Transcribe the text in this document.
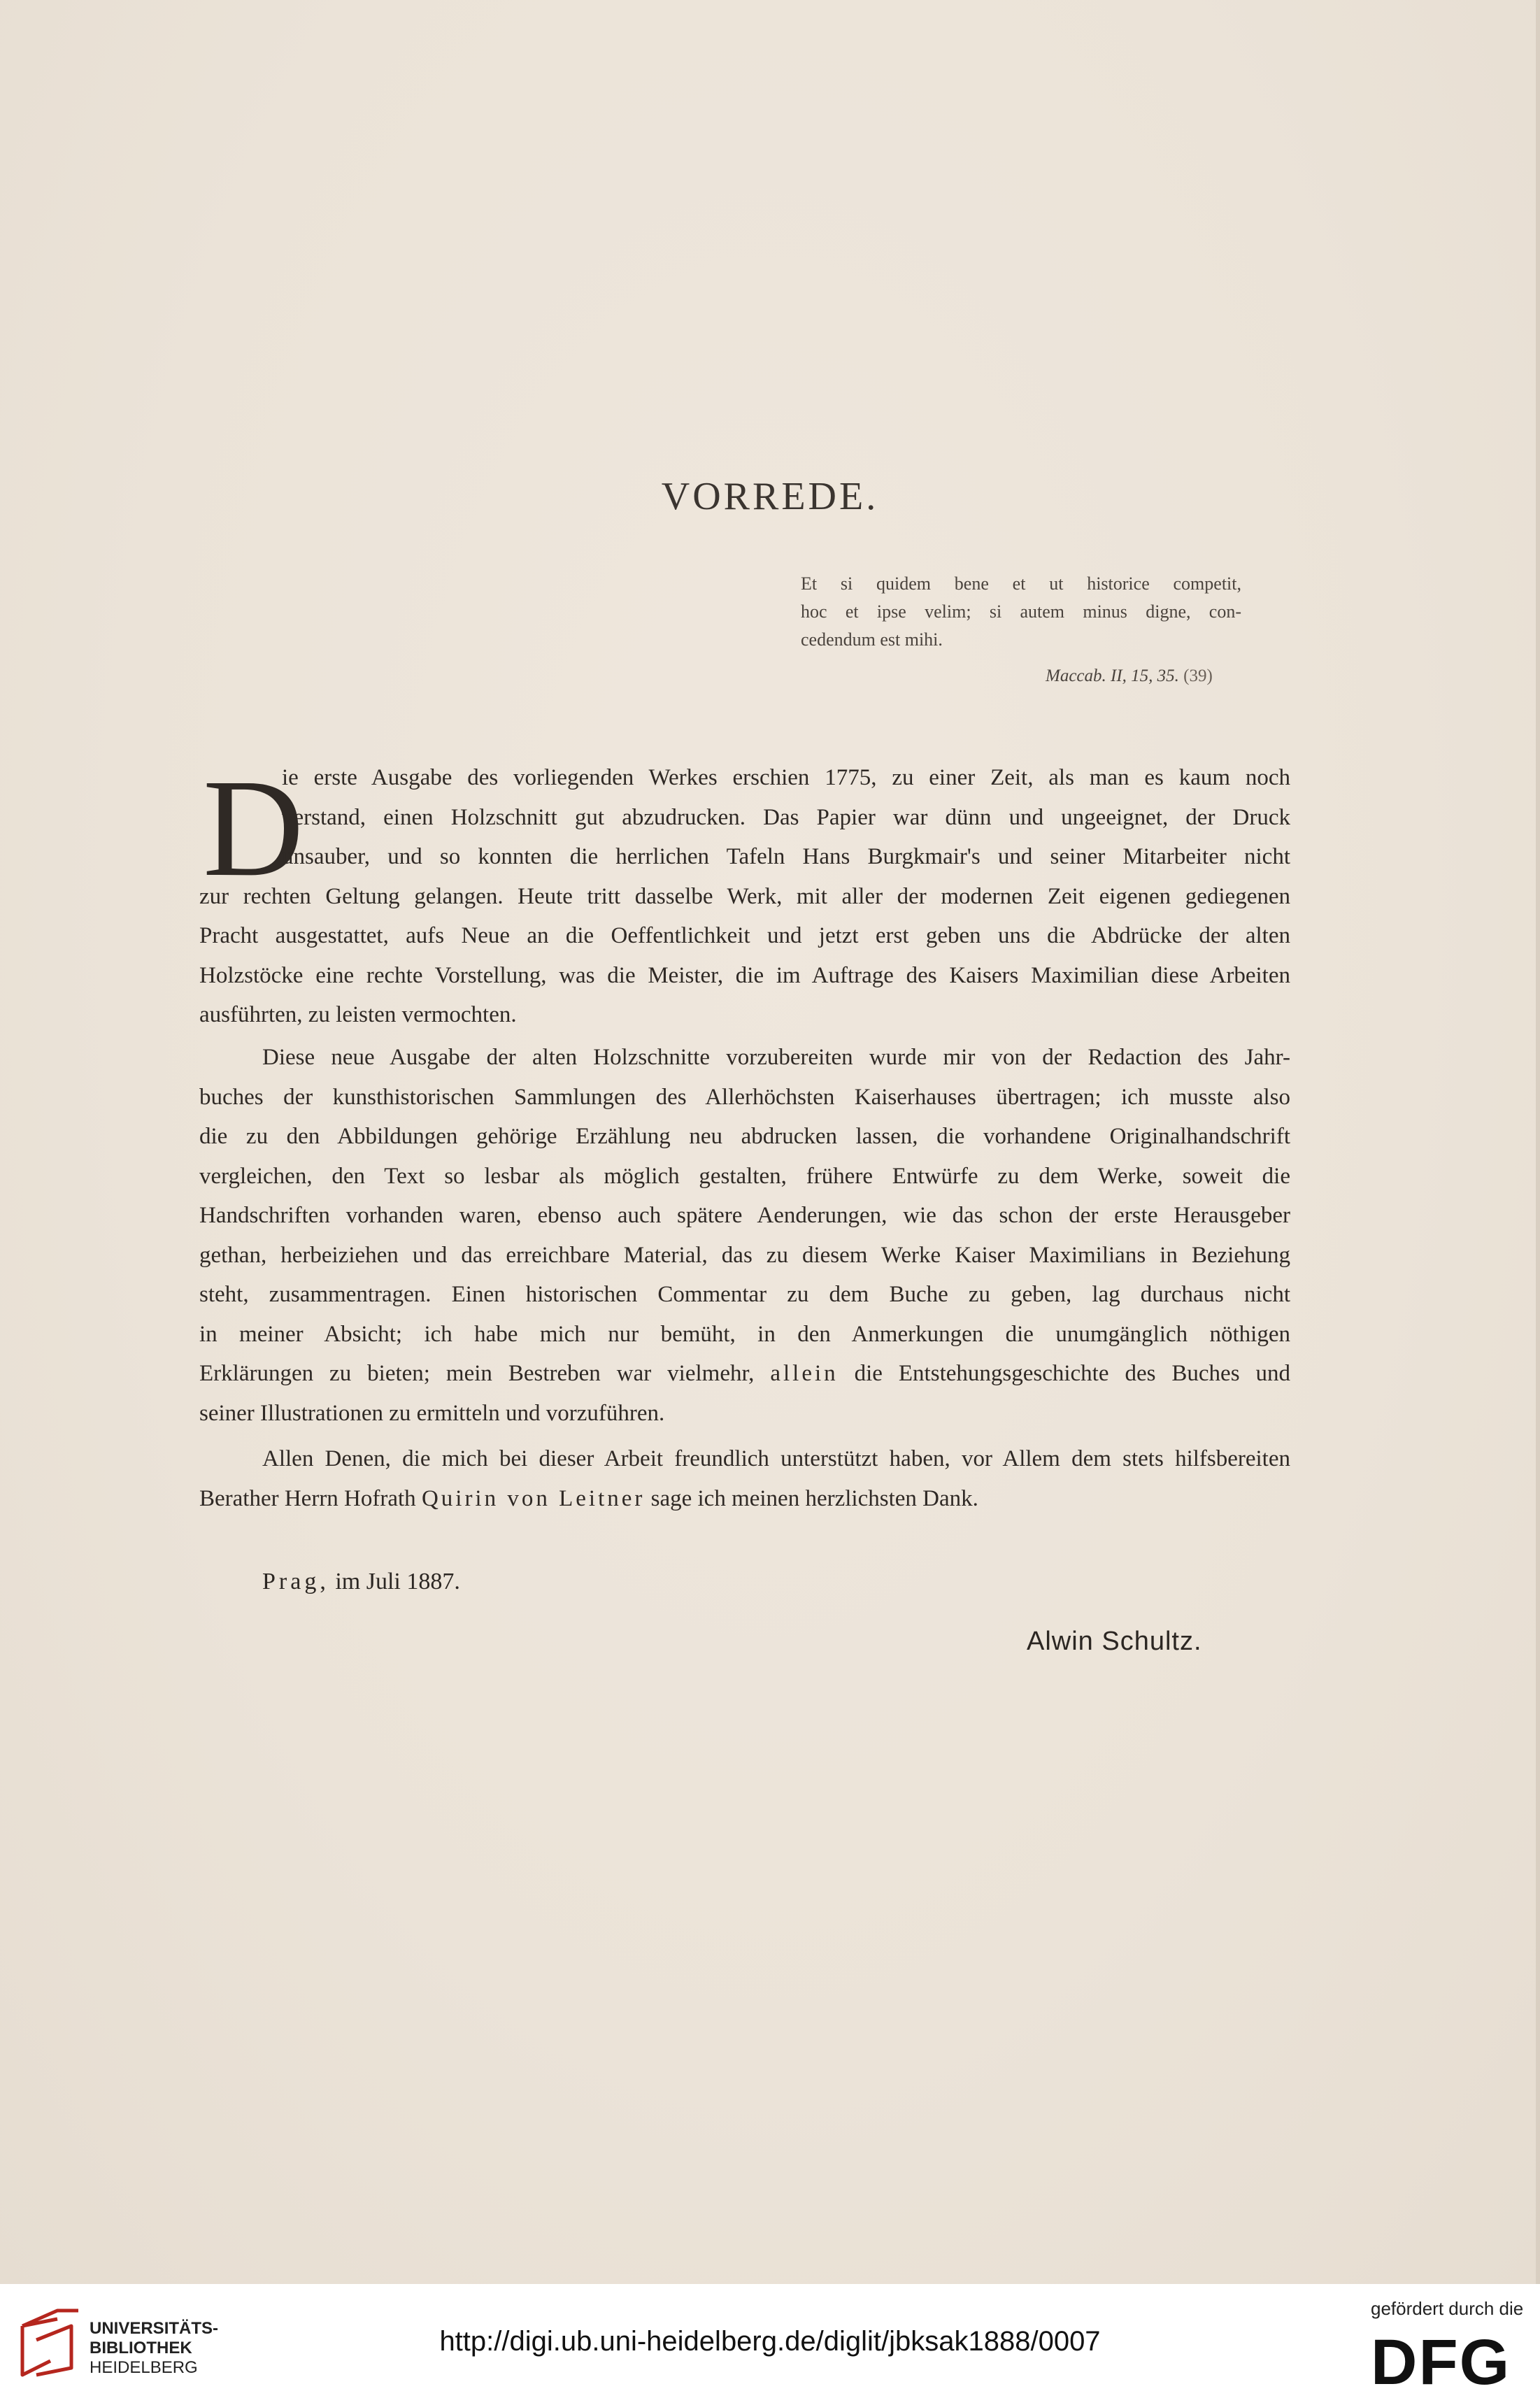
VORREDE.
Et si quidem bene et ut historice competit,
hoc et ipse velim; si autem minus digne, con-
cedendum est mihi.
Maccab. II, 15, 35. (39)
D
ie erste Ausgabe des vorliegenden Werkes erschien 1775, zu einer Zeit, als man es kaum noch
verstand, einen Holzschnitt gut abzudrucken. Das Papier war dünn und ungeeignet, der Druck
unsauber, und so konnten die herrlichen Tafeln Hans Burgkmair's und seiner Mitarbeiter nicht
zur rechten Geltung gelangen. Heute tritt dasselbe Werk, mit aller der modernen Zeit eigenen gediegenen
Pracht ausgestattet, aufs Neue an die Oeffentlichkeit und jetzt erst geben uns die Abdrücke der alten
Holzstöcke eine rechte Vorstellung, was die Meister, die im Auftrage des Kaisers Maximilian diese Arbeiten
ausführten, zu leisten vermochten.
Diese neue Ausgabe der alten Holzschnitte vorzubereiten wurde mir von der Redaction des Jahr-
buches der kunsthistorischen Sammlungen des Allerhöchsten Kaiserhauses übertragen; ich musste also
die zu den Abbildungen gehörige Erzählung neu abdrucken lassen, die vorhandene Originalhandschrift
vergleichen, den Text so lesbar als möglich gestalten, frühere Entwürfe zu dem Werke, soweit die
Handschriften vorhanden waren, ebenso auch spätere Aenderungen, wie das schon der erste Herausgeber
gethan, herbeiziehen und das erreichbare Material, das zu diesem Werke Kaiser Maximilians in Beziehung
steht, zusammentragen. Einen historischen Commentar zu dem Buche zu geben, lag durchaus nicht
in meiner Absicht; ich habe mich nur bemüht, in den Anmerkungen die unumgänglich nöthigen
Erklärungen zu bieten; mein Bestreben war vielmehr, allein die Entstehungsgeschichte des Buches und
seiner Illustrationen zu ermitteln und vorzuführen.
Allen Denen, die mich bei dieser Arbeit freundlich unterstützt haben, vor Allem dem stets hilfsbereiten
Berather Herrn Hofrath Quirin von Leitner sage ich meinen herzlichsten Dank.
Prag, im Juli 1887.
Alwin Schultz.
UNIVERSITÄTS-
BIBLIOTHEK
HEIDELBERG
http://digi.ub.uni-heidelberg.de/diglit/jbksak1888/0007
gefördert durch die
DFG
